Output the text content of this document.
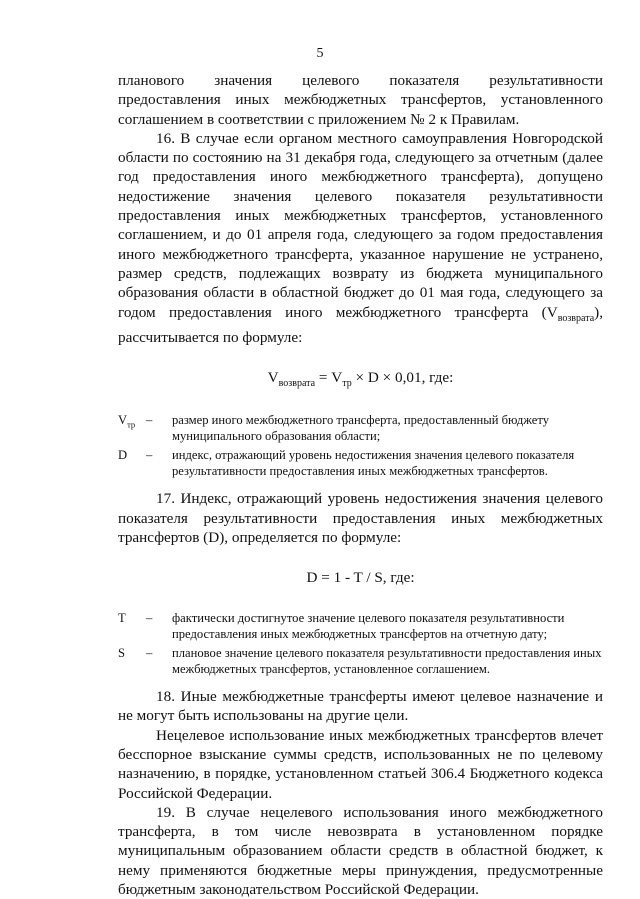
5

планового значения целевого показателя результативности предоставления иных межбюджетных трансфертов, установленного соглашением в соответствии с приложением № 2 к Правилам.

16. В случае если органом местного самоуправления Новгородской области по состоянию на 31 декабря года, следующего за отчетным (далее год предоставления иного межбюджетного трансферта), допущено недостижение значения целевого показателя результативности предоставления иных межбюджетных трансфертов, установленного соглашением, и до 01 апреля года, следующего за годом предоставления иного межбюджетного трансферта, указанное нарушение не устранено, размер средств, подлежащих возврату из бюджета муниципального образования области в областной бюджет до 01 мая года, следующего за годом предоставления иного межбюджетного трансферта $(V_{возврата})$, рассчитывается по формуле:

$V_{возврата} = V_{тр} \times D \times 0,01$, где:
$V_{тр}$ –	размер иного межбюджетного трансферта, предоставленный бюджету муниципального образования области;
D	–	индекс, отражающий уровень недостижения значения целевого показателя результативности предоставления иных межбюджетных трансфертов.

17. Индекс, отражающий уровень недостижения значения целевого показателя результативности предоставления иных межбюджетных трансфертов (D), определяется по формуле:

D = 1 - T / S, где:
T	–	фактически достигнутое значение целевого показателя результативности предоставления иных межбюджетных трансфертов на отчетную дату;
S	–	плановое значение целевого показателя результативности предоставления иных межбюджетных трансфертов, установленное соглашением.

18. Иные межбюджетные трансферты имеют целевое назначение и не могут быть использованы на другие цели.

Нецелевое использование иных межбюджетных трансфертов влечет бесспорное взыскание суммы средств, использованных не по целевому назначению, в порядке, установленном статьей 306.4 Бюджетного кодекса Российской Федерации.

19. В случае нецелевого использования иного межбюджетного трансферта, в том числе невозврата в установленном порядке муниципальным образованием области средств в областной бюджет, к нему применяются бюджетные меры принуждения, предусмотренные бюджетным законодательством Российской Федерации.
